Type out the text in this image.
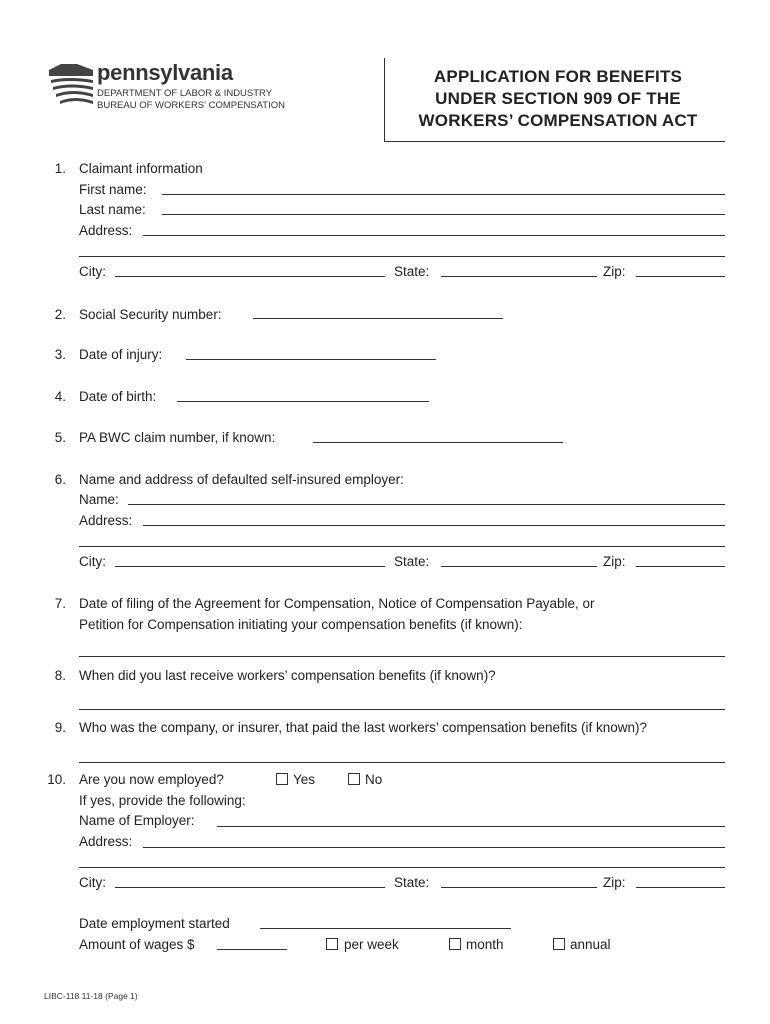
pennsylvania
DEPARTMENT OF LABOR & INDUSTRY
BUREAU OF WORKERS' COMPENSATION
APPLICATION FOR BENEFITS
UNDER SECTION 909 OF THE
WORKERS’ COMPENSATION ACT
1. Claimant information
First name:
Last name:
Address:
City:	State:	Zip:
2. Social Security number:
3. Date of injury:
4. Date of birth:
5. PA BWC claim number, if known:
6. Name and address of defaulted self-insured employer:
Name:
Address:
City:	State:	Zip:
7. Date of filing of the Agreement for Compensation, Notice of Compensation Payable, or
Petition for Compensation initiating your compensation benefits (if known):
8. When did you last receive workers’ compensation benefits (if known)?
9. Who was the company, or insurer, that paid the last workers’ compensation benefits (if known)?
10. Are you now employed?	Yes	No
If yes, provide the following:
Name of Employer:
Address:
City:	State:	Zip:
Date employment started
Amount of wages $	per week	month	annual
LIBC-118 11-18 (Page 1)
